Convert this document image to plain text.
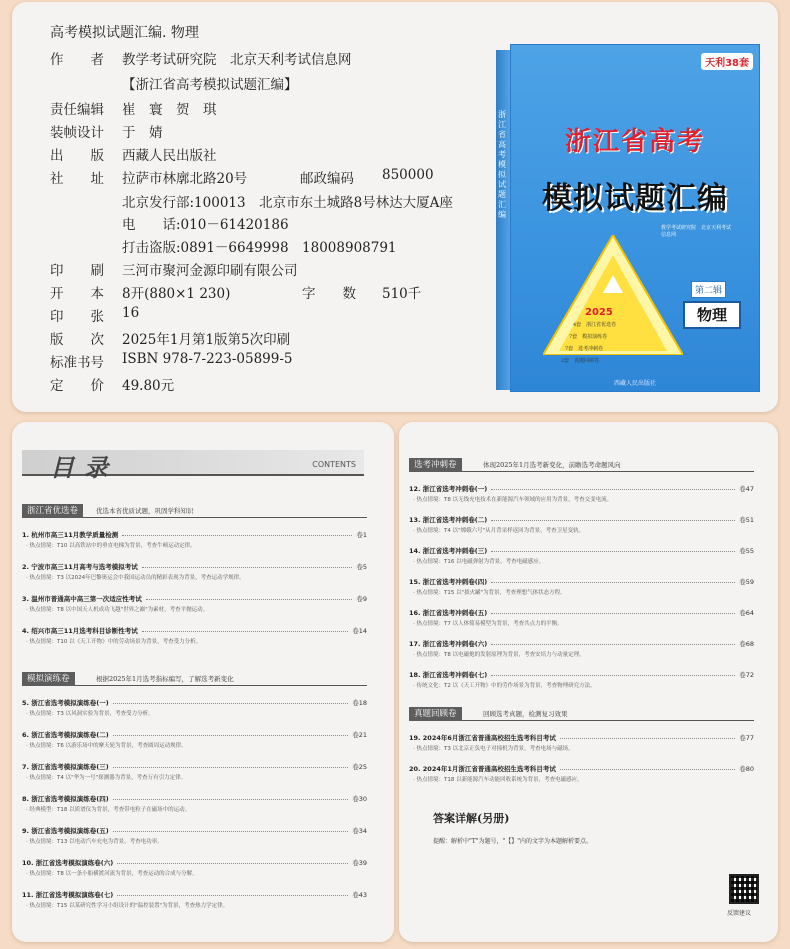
高考模拟试题汇编. 物理
作　　者 教学考试研究院　北京天利考试信息网
【浙江省高考模拟试题汇编】
责任编辑 崔　寰　贺　琪
装帧设计 于　婧
出　　版 西藏人民出版社
社　　址 拉萨市林廓北路20号
北京发行部:100013　北京市东土城路8号林达大厦A座
电　　话:010－61420186
打击盗版:0891－6649998　18008908791
印　　刷 三河市聚河金源印刷有限公司
开　　本 8开(880×1 230)
印　　张 16
版　　次 2025年1月第1版第5次印刷
标准书号 ISBN 978-7-223-05899-5
定　　价 49.80元
邮政编码 850000
字　　数 510千
浙江省高考模拟试题汇编
天利38套
浙江省高考
模拟试题汇编
教学考试研究院　北京天利考试信息网
2025
4套　浙江省优选卷
7套　模拟演练卷
7套　选考冲刺卷
2套　真题回顾卷
第二辑
物理
西藏人民出版社
目录	CONTENTS
浙江省优选卷	优选本省优质试题，巩固学科知识
1. 杭州市高三11月教学质量检测	卷1
· 热点情境：T10 以高铁站中的垂直电梯为背景，考查牛顿运动定律。
2. 宁波市高三11月高考与选考模拟考试	卷5
· 热点情境：T3 以2024年巴黎奥运会中我国运动员的精彩表现为背景，考查运动学规律。
3. 温州市普通高中高三第一次适应性考试	卷9
· 热点情境：T8 以中国天人机成功飞越"世界之巅"为素材，考查平抛运动。
4. 绍兴市高三11月选考科目诊断性考试	卷14
· 热点情境：T10 以《天工开物》中的劳动场景为背景，考查受力分析。
模拟演练卷	根据2025年1月选考指标编写，了解选考新变化
5. 浙江省选考模拟演练卷(一)	卷18
· 热点情境：T3 以风洞实验为背景，考查受力分析。
6. 浙江省选考模拟演练卷(二)	卷21
· 热点情境：T6 以游乐场中的摩天轮为背景，考查圆周运动规律。
7. 浙江省选考模拟演练卷(三)	卷25
· 热点情境：T4 以"华为一号"探测器为背景，考查万有引力定律。
8. 浙江省选考模拟演练卷(四)	卷30
· 经典模型：T18 以质谱仪为背景，考查带电粒子在磁场中的运动。
9. 浙江省选考模拟演练卷(五)	卷34
· 热点情境：T13 以电动汽车充电为背景，考查电功率。
10. 浙江省选考模拟演练卷(六)	卷39
· 热点情境：T8 以一条小船横渡河流为背景，考查运动的合成与分解。
11. 浙江省选考模拟演练卷(七)	卷43
· 热点情境：T15 以某研究性学习小组设计的"温控装置"为背景，考查热力学定律。
选考冲刺卷	体现2025年1月选考新变化，前瞻选考命题风向
12. 浙江省选考冲刺卷(一)	卷47
· 热点情境：T8 以无线充电技术在新能源汽车领域的应用为背景，考查交变电流。
13. 浙江省选考冲刺卷(二)	卷51
· 热点情境：T4 以"嫦娥六号"从月背采样返回为背景，考查卫星变轨。
14. 浙江省选考冲刺卷(三)	卷55
· 热点情境：T16 以电磁弹射为背景，考查电磁感应。
15. 浙江省选考冲刺卷(四)	卷59
· 热点情境：T15 以"拔火罐"为背景，考查理想气体状态方程。
16. 浙江省选考冲刺卷(五)	卷64
· 热点情境：T7 以人体简易模型为背景，考查共点力的平衡。
17. 浙江省选考冲刺卷(六)	卷68
· 热点情境：T8 以电磁炮的发射原理为背景，考查安培力与动量定理。
18. 浙江省选考冲刺卷(七)	卷72
· 传统文化：T2 以《天工开物》中的劳作场景为背景，考查物理研究方法。
真题回顾卷	回顾选考真题，检测复习效果
19. 2024年6月浙江省普通高校招生选考科目考试	卷77
· 热点情境：T3 以北京正负电子对撞机为背景，考查电场与磁场。
20. 2024年1月浙江省普通高校招生选考科目考试	卷80
· 热点情境：T18 以新能源汽车动能回收系统为背景，考查电磁感应。
答案详解(另册)
提醒：解析中"T"为题号，"【】"内的文字为本题解析要点。
反馈建议
